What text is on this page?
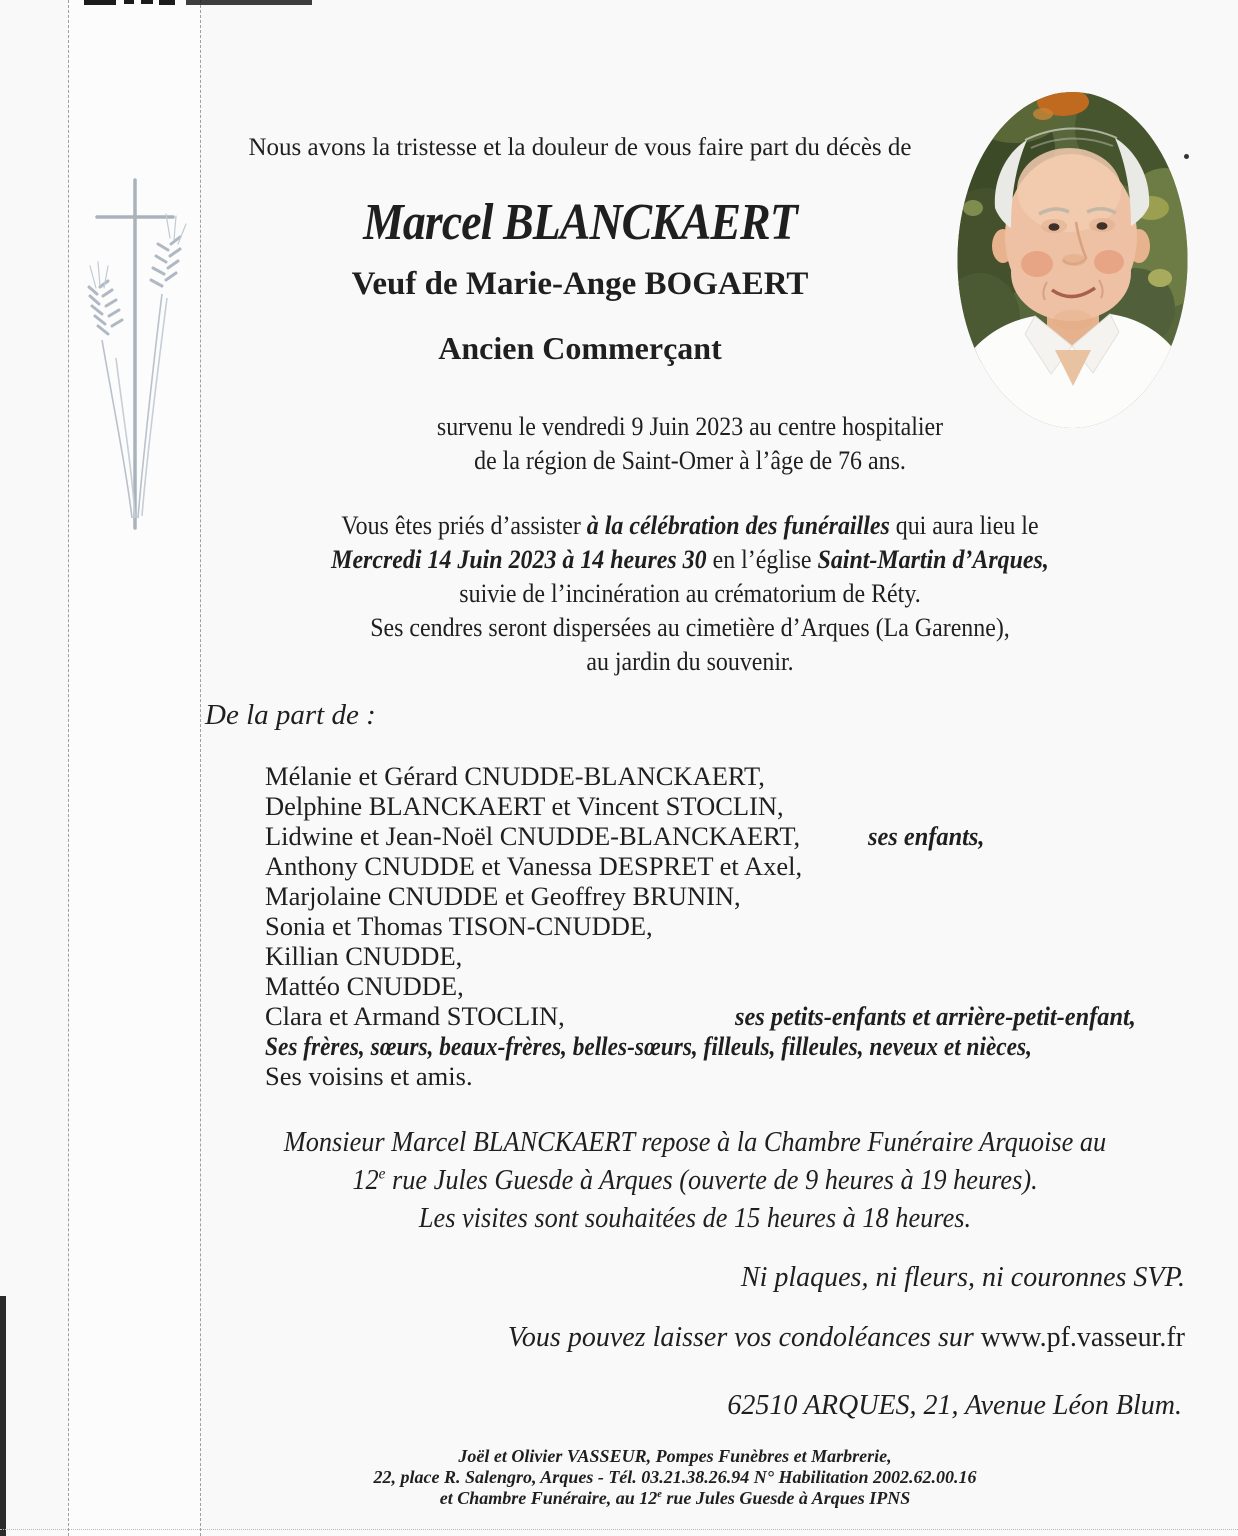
Nous avons la tristesse et la douleur de vous faire part du décès de
Marcel BLANCKAERT
Veuf de Marie-Ange BOGAERT
Ancien Commerçant
survenu le vendredi 9 Juin 2023 au centre hospitalier
de la région de Saint-Omer à l’âge de 76 ans.
Vous êtes priés d’assister à la célébration des funérailles qui aura lieu le
Mercredi 14 Juin 2023 à 14 heures 30 en l’église Saint-Martin d’Arques,
suivie de l’incinération au crématorium de Réty.
Ses cendres seront dispersées au cimetière d’Arques (La Garenne),
au jardin du souvenir.
De la part de :
Mélanie et Gérard CNUDDE-BLANCKAERT,
Delphine BLANCKAERT et Vincent STOCLIN,
Lidwine et Jean-Noël CNUDDE-BLANCKAERT,	ses enfants,
Anthony CNUDDE et Vanessa DESPRET et Axel,
Marjolaine CNUDDE et Geoffrey BRUNIN,
Sonia et Thomas TISON-CNUDDE,
Killian CNUDDE,
Mattéo CNUDDE,
Clara et Armand STOCLIN,	ses petits-enfants et arrière-petit-enfant,
Ses frères, sœurs, beaux-frères, belles-sœurs, filleuls, filleules, neveux et nièces,
Ses voisins et amis.
Monsieur Marcel BLANCKAERT repose à la Chambre Funéraire Arquoise au
12e rue Jules Guesde à Arques (ouverte de 9 heures à 19 heures).
Les visites sont souhaitées de 15 heures à 18 heures.
Ni plaques, ni fleurs, ni couronnes SVP.
Vous pouvez laisser vos condoléances sur www.pf.vasseur.fr
62510 ARQUES, 21, Avenue Léon Blum.
Joël et Olivier VASSEUR, Pompes Funèbres et Marbrerie,
22, place R. Salengro, Arques - Tél. 03.21.38.26.94 N° Habilitation 2002.62.00.16
et Chambre Funéraire, au 12e rue Jules Guesde à Arques IPNS
